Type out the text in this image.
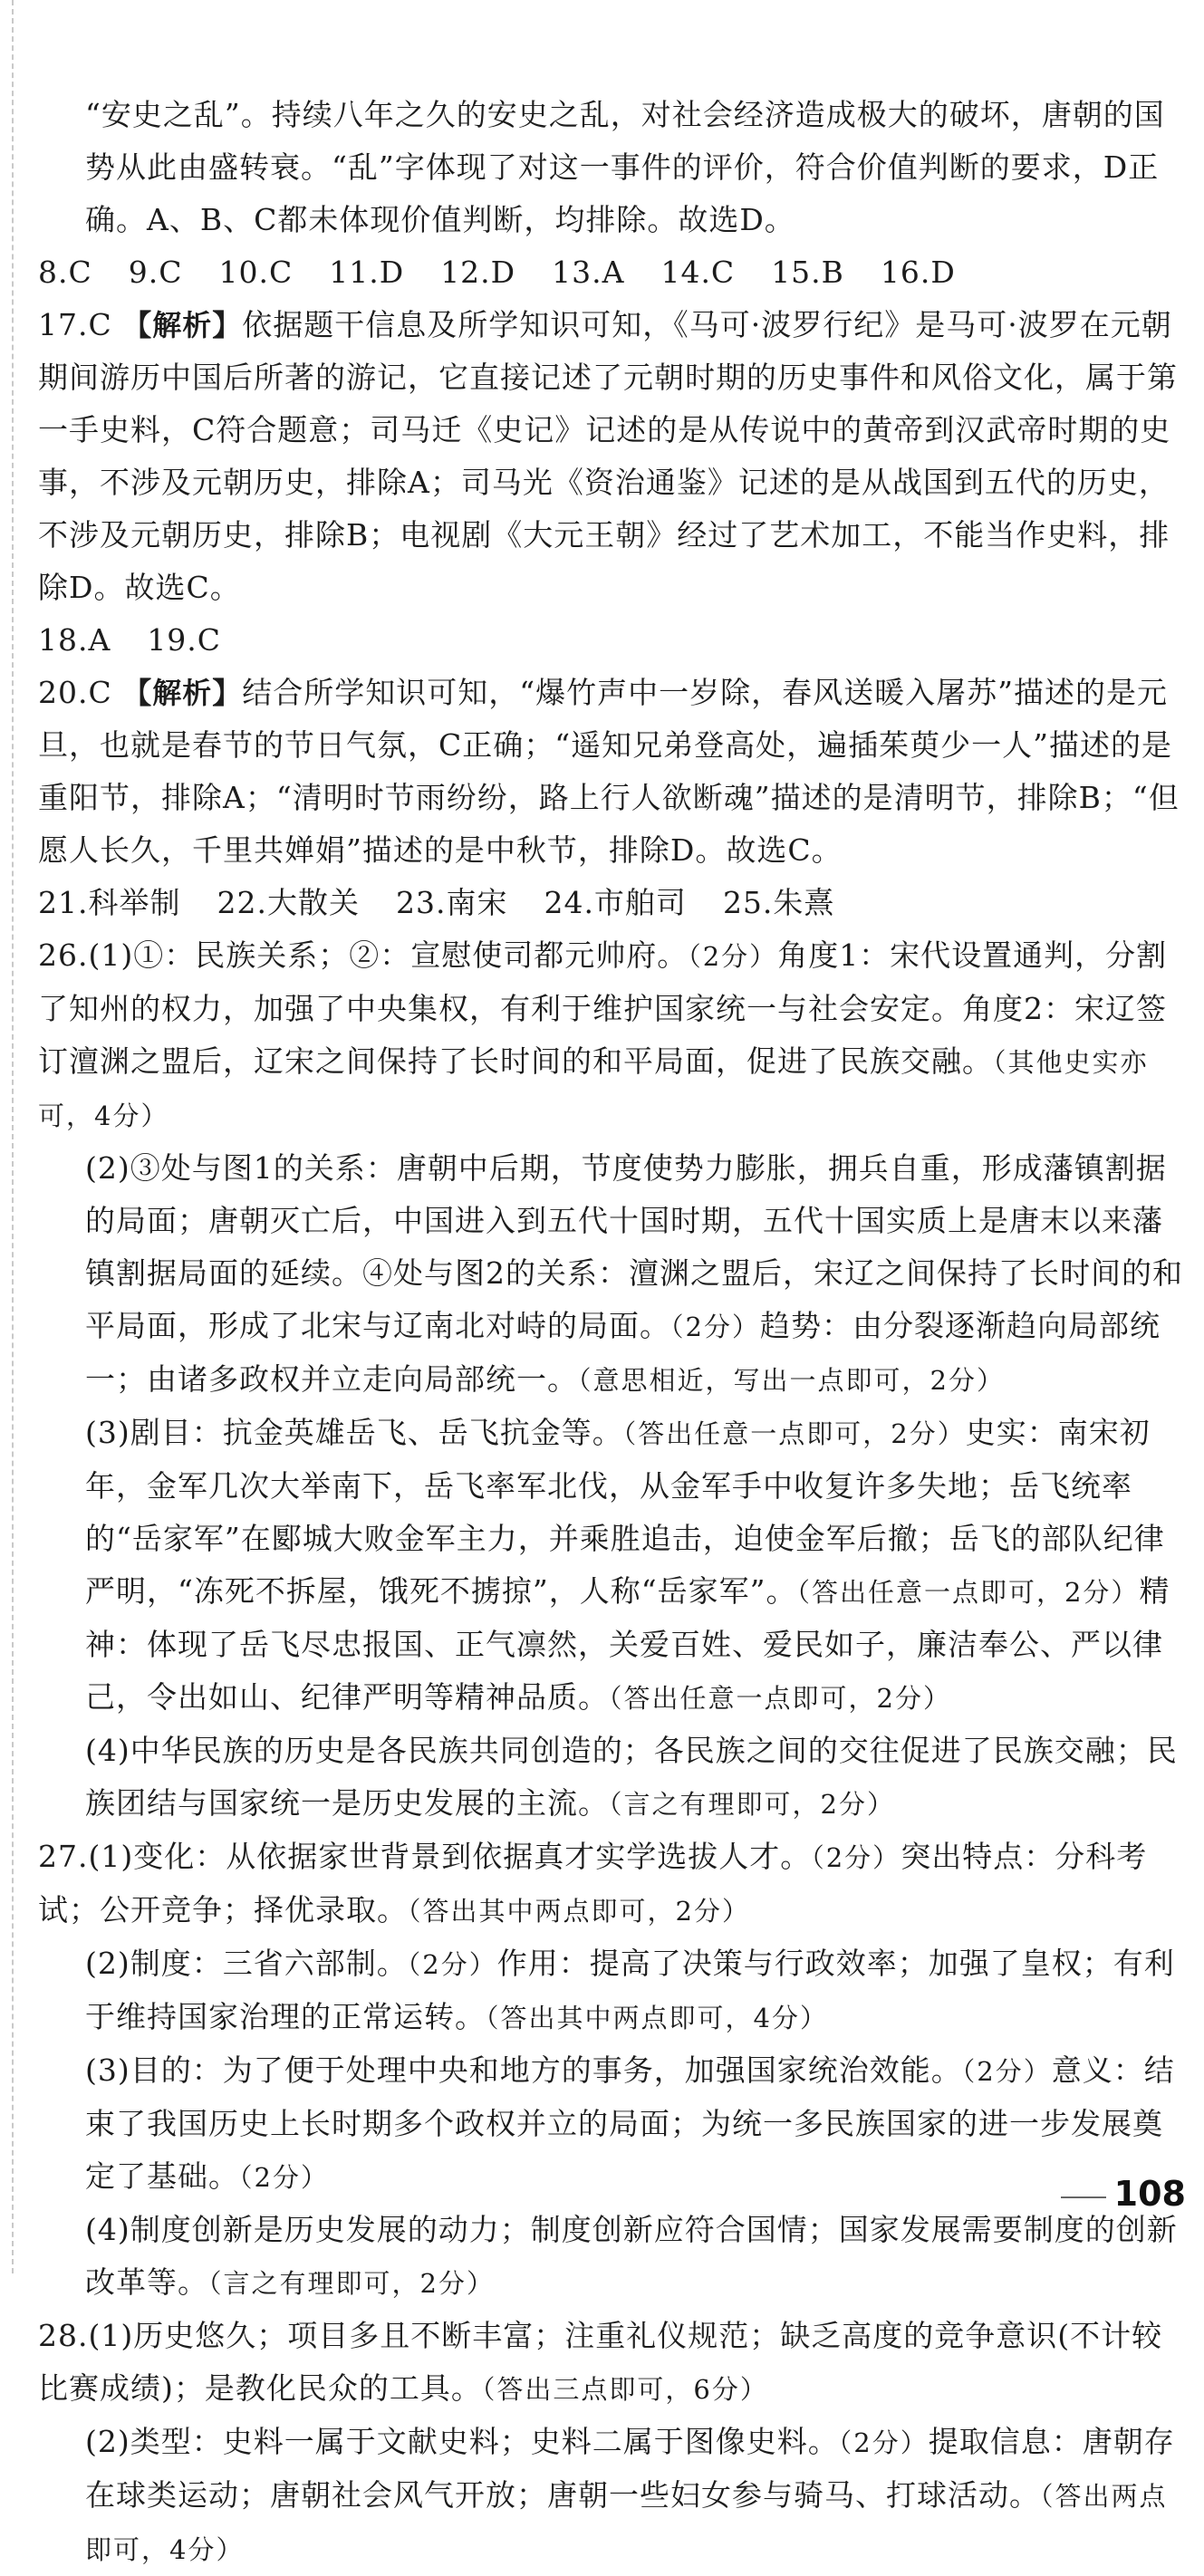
“安史之乱”。持续八年之久的安史之乱，对社会经济造成极大的破坏，唐朝的国势从此由盛转衰。“乱”字体现了对这一事件的评价，符合价值判断的要求，D正确。A、B、C都未体现价值判断，均排除。故选D。

8.C 9.C 10.C 11.D 12.D 13.A 14.C 15.B 16.D

17.C 【解析】依据题干信息及所学知识可知，《马可·波罗行纪》是马可·波罗在元朝期间游历中国后所著的游记，它直接记述了元朝时期的历史事件和风俗文化，属于第一手史料，C符合题意；司马迁《史记》记述的是从传说中的黄帝到汉武帝时期的史事，不涉及元朝历史，排除A；司马光《资治通鉴》记述的是从战国到五代的历史，不涉及元朝历史，排除B；电视剧《大元王朝》经过了艺术加工，不能当作史料，排除D。故选C。

18.A 19.C

20.C 【解析】结合所学知识可知，“爆竹声中一岁除，春风送暖入屠苏”描述的是元旦，也就是春节的节日气氛，C正确；“遥知兄弟登高处，遍插茱萸少一人”描述的是重阳节，排除A；“清明时节雨纷纷，路上行人欲断魂”描述的是清明节，排除B；“但愿人长久，千里共婵娟”描述的是中秋节，排除D。故选C。

21.科举制 22.大散关 23.南宋 24.市舶司 25.朱熹

26.(1)①：民族关系；②：宣慰使司都元帅府。（2分）角度1：宋代设置通判，分割了知州的权力，加强了中央集权，有利于维护国家统一与社会安定。角度2：宋辽签订澶渊之盟后，辽宋之间保持了长时间的和平局面，促进了民族交融。（其他史实亦可，4分）

(2)③处与图1的关系：唐朝中后期，节度使势力膨胀，拥兵自重，形成藩镇割据的局面；唐朝灭亡后，中国进入到五代十国时期，五代十国实质上是唐末以来藩镇割据局面的延续。④处与图2的关系：澶渊之盟后，宋辽之间保持了长时间的和平局面，形成了北宋与辽南北对峙的局面。（2分）趋势：由分裂逐渐趋向局部统一；由诸多政权并立走向局部统一。（意思相近，写出一点即可，2分）

(3)剧目：抗金英雄岳飞、岳飞抗金等。（答出任意一点即可，2分）史实：南宋初年，金军几次大举南下，岳飞率军北伐，从金军手中收复许多失地；岳飞统率的“岳家军”在郾城大败金军主力，并乘胜追击，迫使金军后撤；岳飞的部队纪律严明，“冻死不拆屋，饿死不掳掠”，人称“岳家军”。（答出任意一点即可，2分）精神：体现了岳飞尽忠报国、正气凛然，关爱百姓、爱民如子，廉洁奉公、严以律己，令出如山、纪律严明等精神品质。（答出任意一点即可，2分）

(4)中华民族的历史是各民族共同创造的；各民族之间的交往促进了民族交融；民族团结与国家统一是历史发展的主流。（言之有理即可，2分）

27.(1)变化：从依据家世背景到依据真才实学选拔人才。（2分）突出特点：分科考试；公开竞争；择优录取。（答出其中两点即可，2分）

(2)制度：三省六部制。（2分）作用：提高了决策与行政效率；加强了皇权；有利于维持国家治理的正常运转。（答出其中两点即可，4分）

(3)目的：为了便于处理中央和地方的事务，加强国家统治效能。（2分）意义：结束了我国历史上长时期多个政权并立的局面；为统一多民族国家的进一步发展奠定了基础。（2分）

(4)制度创新是历史发展的动力；制度创新应符合国情；国家发展需要制度的创新改革等。（言之有理即可，2分）

28.(1)历史悠久；项目多且不断丰富；注重礼仪规范；缺乏高度的竞争意识(不计较比赛成绩)；是教化民众的工具。（答出三点即可，6分）

(2)类型：史料一属于文献史料；史料二属于图像史料。（2分）提取信息：唐朝存在球类运动；唐朝社会风气开放；唐朝一些妇女参与骑马、打球活动。（答出两点即可，4分）

108
